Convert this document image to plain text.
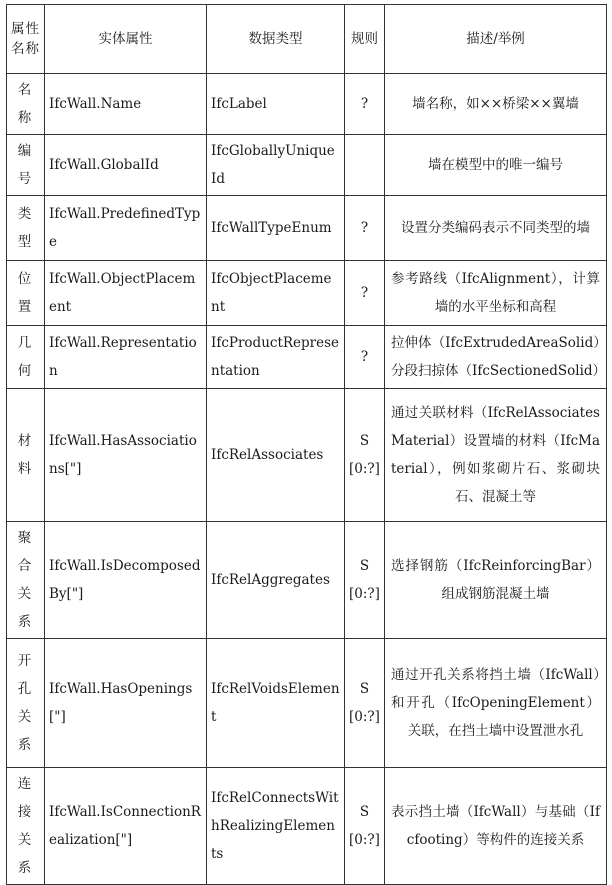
属性名称	实体属性	数据类型	规则	描述/举例
名称	IfcWall.Name	IfcLabel	?	墙名称，如××桥梁××翼墙
编号	IfcWall.GlobalId	IfcGloballyUniqueId		墙在模型中的唯一编号
类型	IfcWall.PredefinedType	IfcWallTypeEnum	?	设置分类编码表示不同类型的墙
位置	IfcWall.ObjectPlacement	IfcObjectPlacement	?	参考路线（IfcAlignment），计算墙的水平坐标和高程
几何	IfcWall.Representation	IfcProductRepresentation	?	拉伸体（IfcExtrudedAreaSolid）分段扫掠体（IfcSectionedSolid）
材料	IfcWall.HasAssociations["]	IfcRelAssociates	S[0:?]	通过关联材料（IfcRelAssociatesMaterial）设置墙的材料（IfcMaterial），例如浆砌片石、浆砌块石、混凝土等
聚合关系	IfcWall.IsDecomposedBy["]	IfcRelAggregates	S[0:?]	选择钢筋（IfcReinforcingBar）组成钢筋混凝土墙
开孔关系	IfcWall.HasOpenings["]	IfcRelVoidsElement	S[0:?]	通过开孔关系将挡土墙（IfcWall）和开孔（IfcOpeningElement）关联，在挡土墙中设置泄水孔
连接关系	IfcWall.IsConnectionRealization["]	IfcRelConnectsWithRealizingElements	S[0:?]	表示挡土墙（IfcWall）与基础（Ifcfooting）等构件的连接关系
